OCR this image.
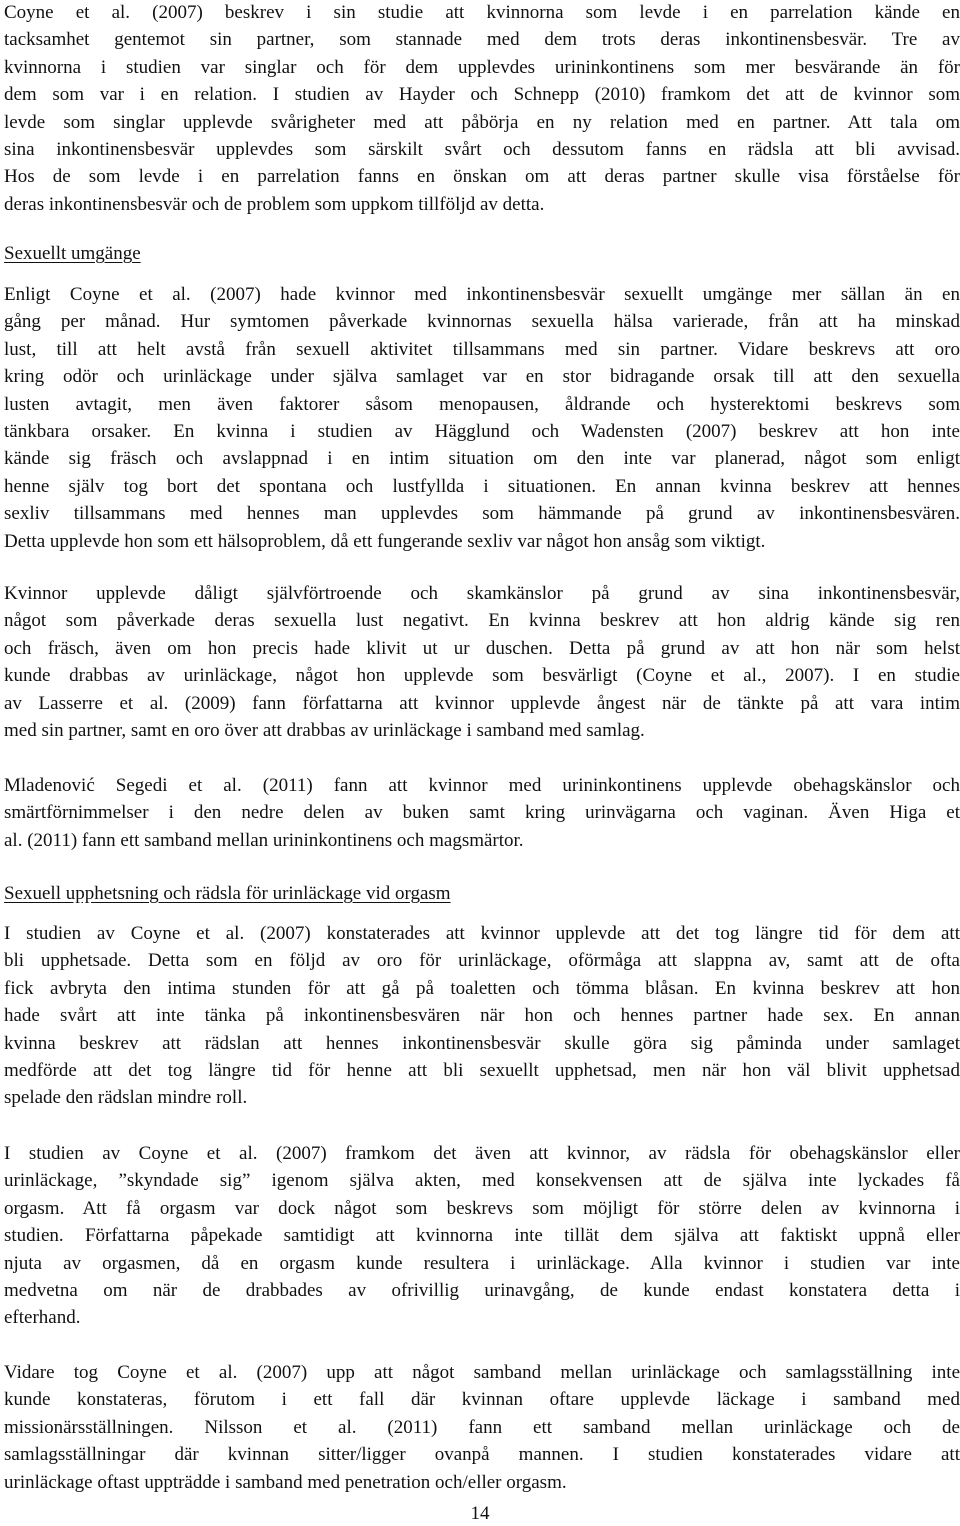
Coyne et al. (2007) beskrev i sin studie att kvinnorna som levde i en parrelation kände en
tacksamhet gentemot sin partner, som stannade med dem trots deras inkontinensbesvär. Tre av
kvinnorna i studien var singlar och för dem upplevdes urininkontinens som mer besvärande än för
dem som var i en relation. I studien av Hayder och Schnepp (2010) framkom det att de kvinnor som
levde som singlar upplevde svårigheter med att påbörja en ny relation med en partner. Att tala om
sina inkontinensbesvär upplevdes som särskilt svårt och dessutom fanns en rädsla att bli avvisad.
Hos de som levde i en parrelation fanns en önskan om att deras partner skulle visa förståelse för
deras inkontinensbesvär och de problem som uppkom tillföljd av detta.
Sexuellt umgänge
Enligt Coyne et al. (2007) hade kvinnor med inkontinensbesvär sexuellt umgänge mer sällan än en
gång per månad. Hur symtomen påverkade kvinnornas sexuella hälsa varierade, från att ha minskad
lust, till att helt avstå från sexuell aktivitet tillsammans med sin partner. Vidare beskrevs att oro
kring odör och urinläckage under själva samlaget var en stor bidragande orsak till att den sexuella
lusten avtagit, men även faktorer såsom menopausen, åldrande och hysterektomi beskrevs som
tänkbara orsaker. En kvinna i studien av Hägglund och Wadensten (2007) beskrev att hon inte
kände sig fräsch och avslappnad i en intim situation om den inte var planerad, något som enligt
henne själv tog bort det spontana och lustfyllda i situationen. En annan kvinna beskrev att hennes
sexliv tillsammans med hennes man upplevdes som hämmande på grund av inkontinensbesvären.
Detta upplevde hon som ett hälsoproblem, då ett fungerande sexliv var något hon ansåg som viktigt.
Kvinnor upplevde dåligt självförtroende och skamkänslor på grund av sina inkontinensbesvär,
något som påverkade deras sexuella lust negativt. En kvinna beskrev att hon aldrig kände sig ren
och fräsch, även om hon precis hade klivit ut ur duschen. Detta på grund av att hon när som helst
kunde drabbas av urinläckage, något hon upplevde som besvärligt (Coyne et al., 2007). I en studie
av Lasserre et al. (2009) fann författarna att kvinnor upplevde ångest när de tänkte på att vara intim
med sin partner, samt en oro över att drabbas av urinläckage i samband med samlag.
Mladenović Segedi et al. (2011) fann att kvinnor med urininkontinens upplevde obehagskänslor och
smärtförnimmelser i den nedre delen av buken samt kring urinvägarna och vaginan. Även Higa et
al. (2011) fann ett samband mellan urininkontinens och magsmärtor.
Sexuell upphetsning och rädsla för urinläckage vid orgasm
I studien av Coyne et al. (2007) konstaterades att kvinnor upplevde att det tog längre tid för dem att
bli upphetsade. Detta som en följd av oro för urinläckage, oförmåga att slappna av, samt att de ofta
fick avbryta den intima stunden för att gå på toaletten och tömma blåsan. En kvinna beskrev att hon
hade svårt att inte tänka på inkontinensbesvären när hon och hennes partner hade sex. En annan
kvinna beskrev att rädslan att hennes inkontinensbesvär skulle göra sig påminda under samlaget
medförde att det tog längre tid för henne att bli sexuellt upphetsad, men när hon väl blivit upphetsad
spelade den rädslan mindre roll.
I studien av Coyne et al. (2007) framkom det även att kvinnor, av rädsla för obehagskänslor eller
urinläckage, ”skyndade sig” igenom själva akten, med konsekvensen att de själva inte lyckades få
orgasm. Att få orgasm var dock något som beskrevs som möjligt för större delen av kvinnorna i
studien. Författarna påpekade samtidigt att kvinnorna inte tillät dem själva att faktiskt uppnå eller
njuta av orgasmen, då en orgasm kunde resultera i urinläckage. Alla kvinnor i studien var inte
medvetna om när de drabbades av ofrivillig urinavgång, de kunde endast konstatera detta i
efterhand.
Vidare tog Coyne et al. (2007) upp att något samband mellan urinläckage och samlagsställning inte
kunde konstateras, förutom i ett fall där kvinnan oftare upplevde läckage i samband med
missionärsställningen. Nilsson et al. (2011) fann ett samband mellan urinläckage och de
samlagsställningar där kvinnan sitter/ligger ovanpå mannen. I studien konstaterades vidare att
urinläckage oftast uppträdde i samband med penetration och/eller orgasm.
14
